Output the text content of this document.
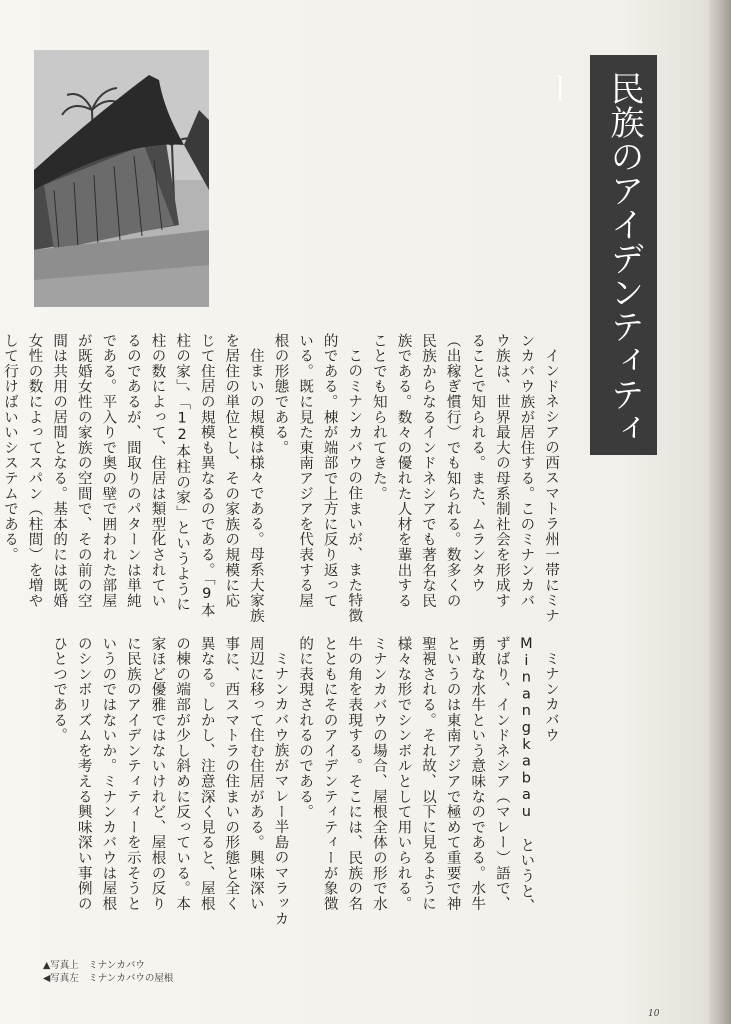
民族のアイデンティティー

インドネシアの西スマトラ州一帯にミナンカバウ族が居住する。このミナンカバウ族は、世界最大の母系制社会を形成することで知られる。また、ムランタウ（出稼ぎ慣行）でも知られる。数多くの民族からなるインドネシアでも著名な民族である。数々の優れた人材を輩出することでも知られてきた。

このミナンカバウの住まいが、また特徴的である。棟が端部で上方に反り返っている。既に見た東南アジアを代表する屋根の形態である。

住まいの規模は様々である。母系大家族を居住の単位とし、その家族の規模に応じて住居の規模も異なるのである。「9本柱の家」、「12本柱の家」というように柱の数によって、住居は類型化されているのであるが、間取りのパターンは単純である。平入りで奥の壁で囲われた部屋が既婚女性の家族の空間で、その前の空間は共用の居間となる。基本的には既婚女性の数によってスパン（柱間）を増やして行けばいいシステムである。

ミナンカバウ Minangkabau というと、ずばり、インドネシア（マレー）語で、勇敢な水牛という意味なのである。水牛というのは東南アジアで極めて重要で神聖視される。それ故、以下に見るように様々な形でシンボルとして用いられる。ミナンカバウの場合、屋根全体の形で水牛の角を表現する。そこには、民族の名とともにそのアイデンティティーが象徴的に表現されるのである。

ミナンカバウ族がマレー半島のマラッカ周辺に移って住む住居がある。興味深い事に、西スマトラの住まいの形態と全く異なる。しかし、注意深く見ると、屋根の棟の端部が少し斜めに反っている。本家ほど優雅ではないけれど、屋根の反りに民族のアイデンティティーを示そうというのではないか。ミナンカバウは屋根のシンボリズムを考える興味深い事例のひとつである。

▲写真上　ミナンカバウ
◀写真左　ミナンカバウの屋根
10
